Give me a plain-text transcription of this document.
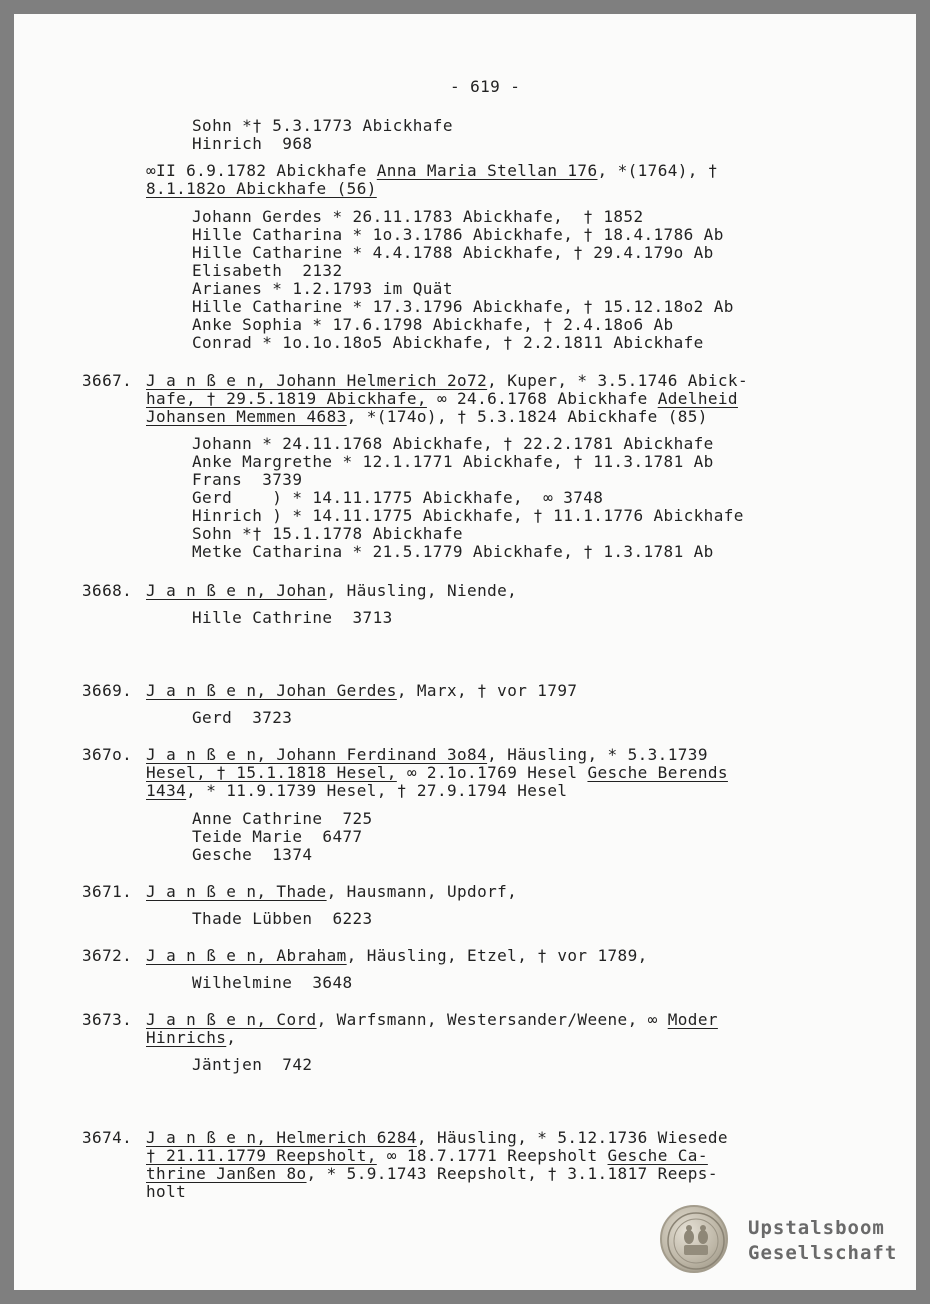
- 619 -

Sohn *† 5.3.1773 Abickhafe
Hinrich  968

∞II 6.9.1782 Abickhafe Anna Maria Stellan 176, *(1764), †

8.1.182o Abickhafe (56)

Johann Gerdes * 26.11.1783 Abickhafe,  † 1852
Hille Catharina * 1o.3.1786 Abickhafe, † 18.4.1786 Ab
Hille Catharine * 4.4.1788 Abickhafe, † 29.4.179o Ab
Elisabeth  2132
Arianes * 1.2.1793 im Quät
Hille Catharine * 17.3.1796 Abickhafe, † 15.12.18o2 Ab
Anke Sophia * 17.6.1798 Abickhafe, † 2.4.18o6 Ab
Conrad * 1o.1o.18o5 Abickhafe, † 2.2.1811 Abickhafe

3667. J a n ß e n, Johann Helmerich 2o72, Kuper, * 3.5.1746 Abick-

hafe, † 29.5.1819 Abickhafe, ∞ 24.6.1768 Abickhafe Adelheid

Johansen Memmen 4683, *(174o), † 5.3.1824 Abickhafe (85)

Johann * 24.11.1768 Abickhafe, † 22.2.1781 Abickhafe
Anke Margrethe * 12.1.1771 Abickhafe, † 11.3.1781 Ab
Frans  3739
Gerd    ) * 14.11.1775 Abickhafe,  ∞ 3748
Hinrich ) * 14.11.1775 Abickhafe, † 11.1.1776 Abickhafe
Sohn *† 15.1.1778 Abickhafe
Metke Catharina * 21.5.1779 Abickhafe, † 1.3.1781 Ab

3668. J a n ß e n, Johan, Häusling, Niende,

Hille Cathrine  3713

3669. J a n ß e n, Johan Gerdes, Marx, † vor 1797

Gerd  3723

367o. J a n ß e n, Johann Ferdinand 3o84, Häusling, * 5.3.1739

Hesel, † 15.1.1818 Hesel, ∞ 2.1o.1769 Hesel Gesche Berends

1434, * 11.9.1739 Hesel, † 27.9.1794 Hesel

Anne Cathrine  725
Teide Marie  6477
Gesche  1374

3671. J a n ß e n, Thade, Hausmann, Updorf,

Thade Lübben  6223

3672. J a n ß e n, Abraham, Häusling, Etzel, † vor 1789,

Wilhelmine  3648

3673. J a n ß e n, Cord, Warfsmann, Westersander/Weene, ∞ Moder

Hinrichs,

Jäntjen  742

3674. J a n ß e n, Helmerich 6284, Häusling, * 5.12.1736 Wiesede

† 21.11.1779 Reepsholt, ∞ 18.7.1771 Reepsholt Gesche Ca-

thrine Janßen 8o, * 5.9.1743 Reepsholt, † 3.1.1817 Reeps-

holt

Upstalsboom
Gesellschaft
